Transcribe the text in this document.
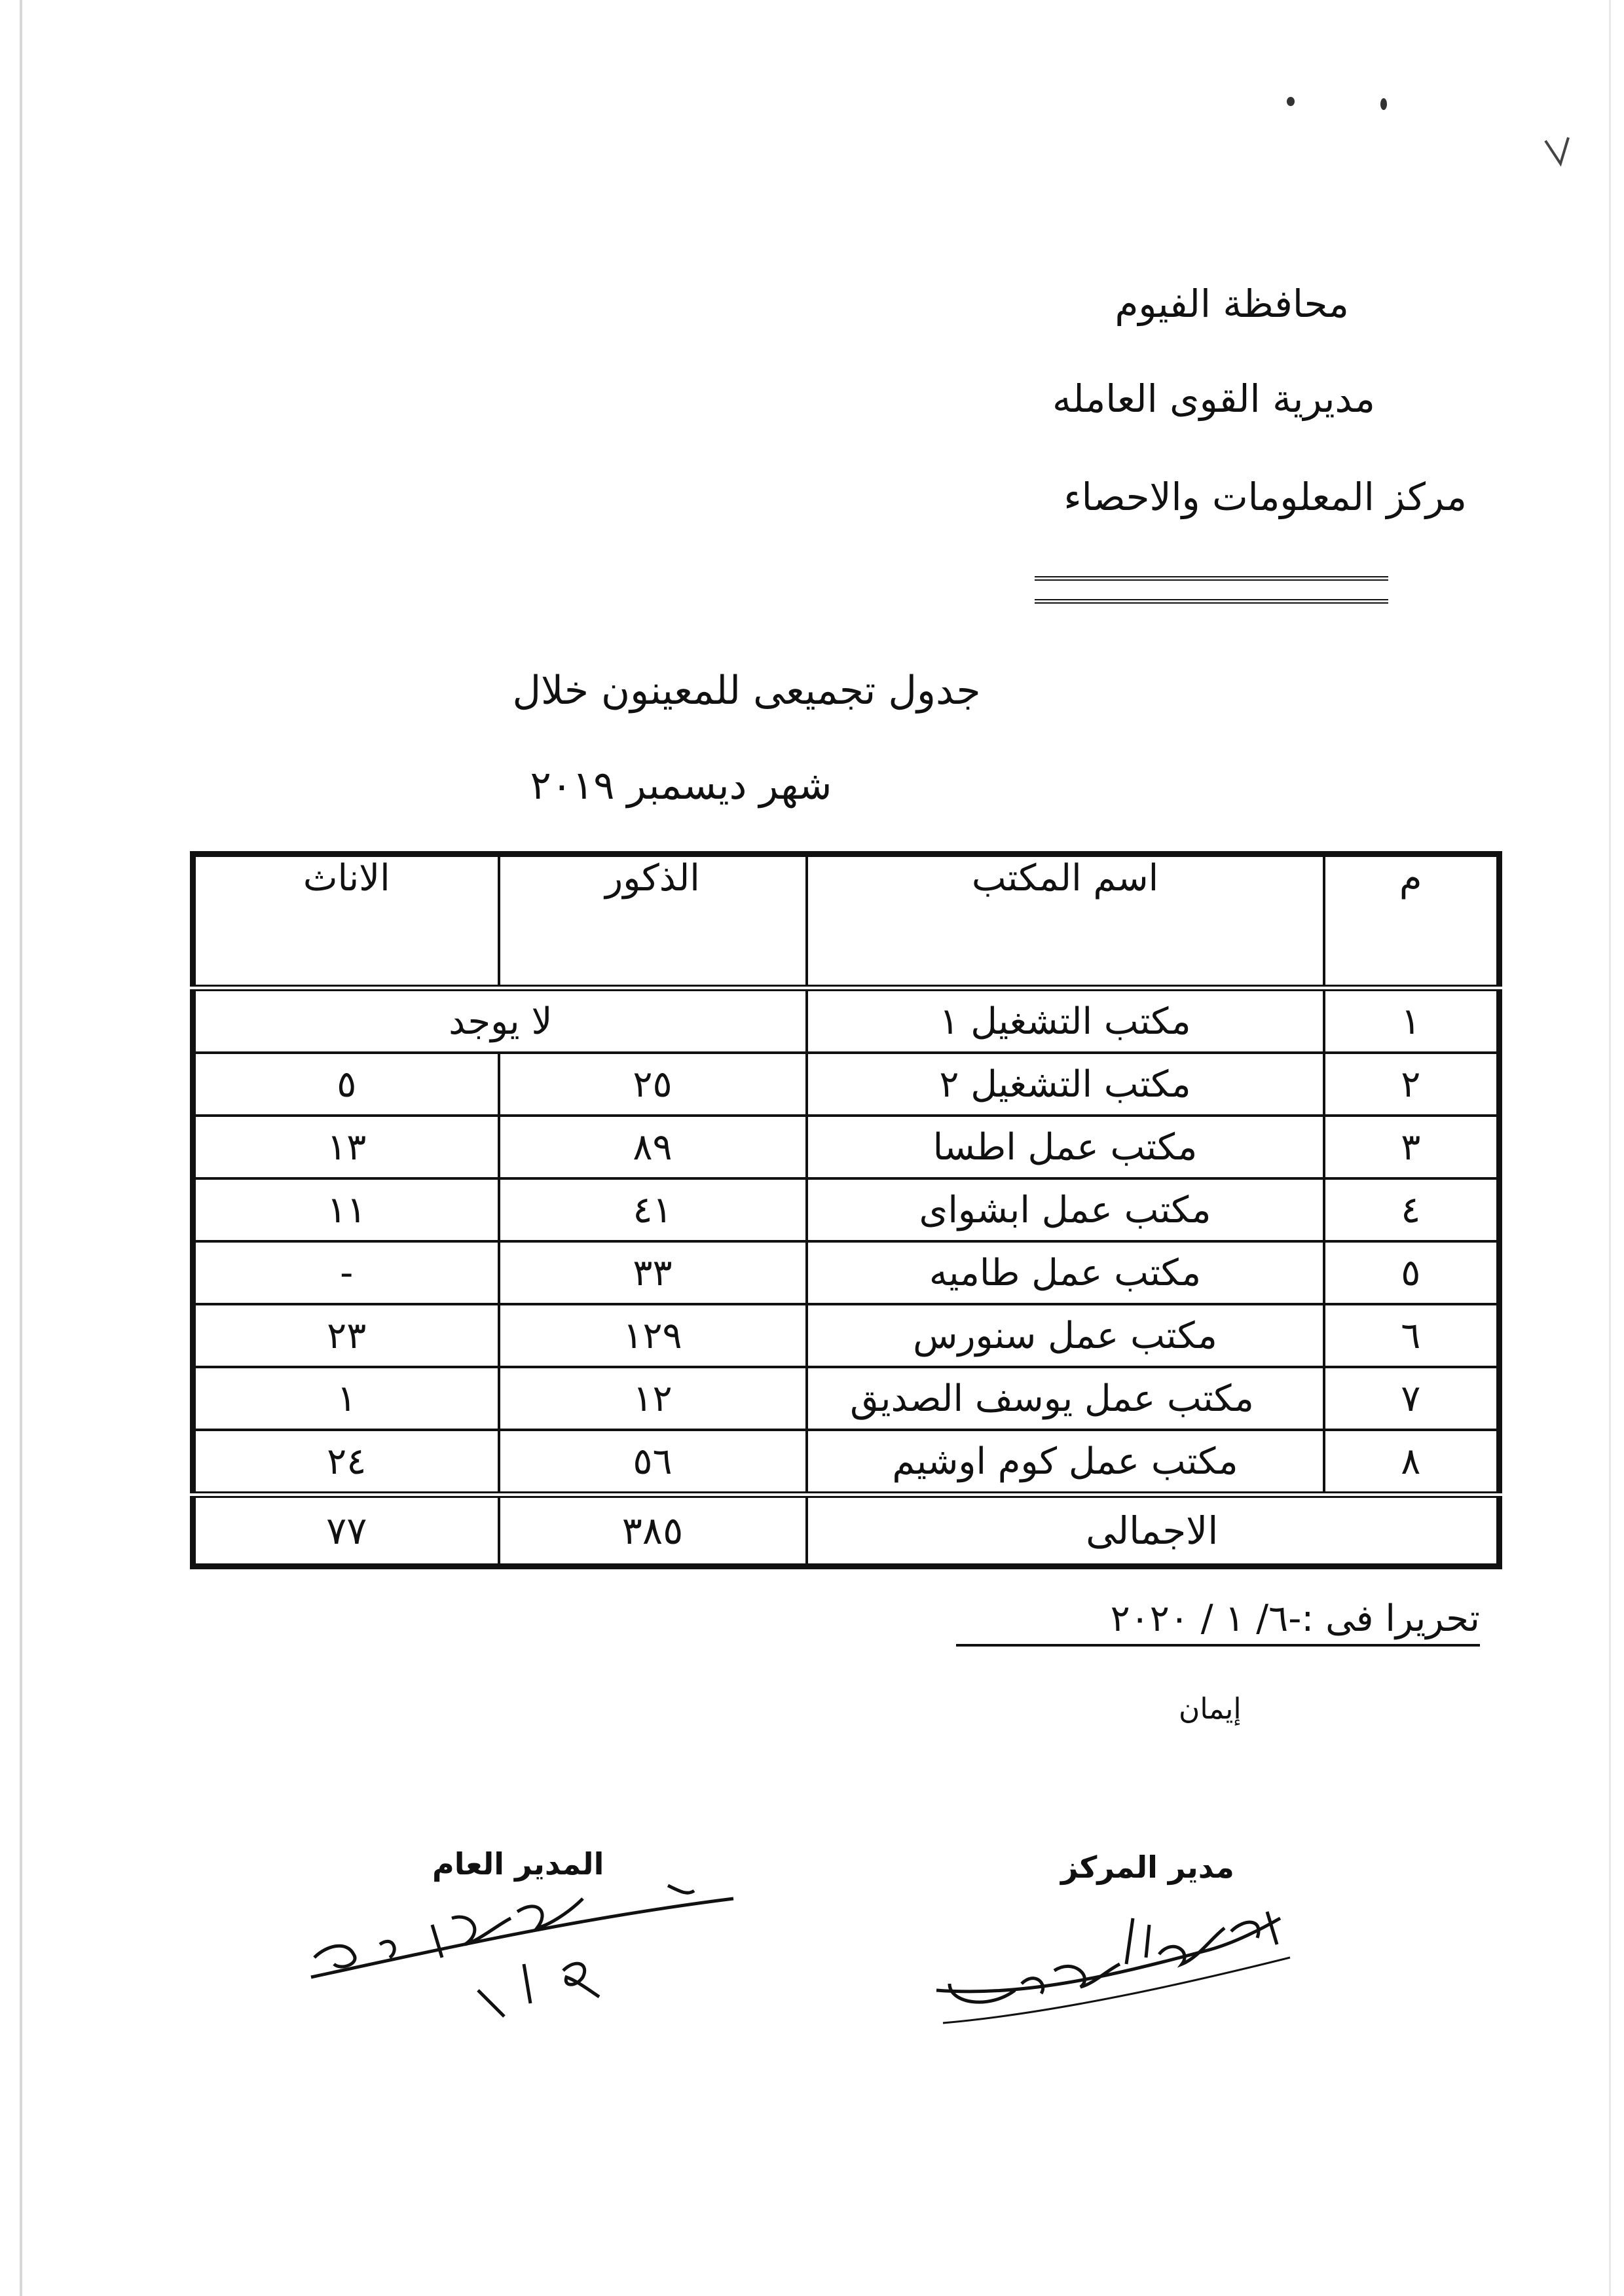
محافظة الفيوم
مديرية القوى العامله
مركز المعلومات والاحصاء
جدول تجميعى للمعينون خلال
شهر ديسمبر ٢٠١٩
م	اسم المكتب	الذكور	الاناث
١	مكتب التشغيل ١	لا يوجد	
٢	مكتب التشغيل ٢	٢٥	٥
٣	مكتب عمل اطسا	٨٩	١٣
٤	مكتب عمل ابشواى	٤١	١١
٥	مكتب عمل طاميه	٣٣	-
٦	مكتب عمل سنورس	١٢٩	٢٣
٧	مكتب عمل يوسف الصديق	١٢	١
٨	مكتب عمل كوم اوشيم	٥٦	٢٤
الاجمالى		٣٨٥	٧٧
تحريرا فى :-٦/ ١ / ٢٠٢٠
إيمان
المدير العام	مدير المركز
